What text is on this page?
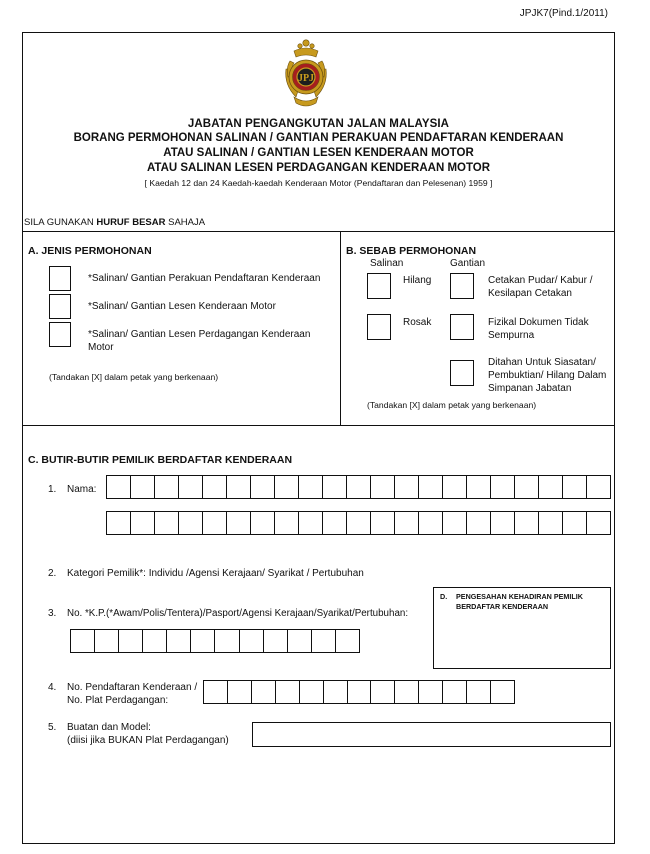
JPJK7(Pind.1/2011)
JPJ
JABATAN PENGANGKUTAN JALAN MALAYSIA
BORANG PERMOHONAN SALINAN / GANTIAN PERAKUAN PENDAFTARAN KENDERAAN
ATAU SALINAN / GANTIAN LESEN KENDERAAN MOTOR
ATAU SALINAN LESEN PERDAGANGAN KENDERAAN MOTOR
[ Kaedah 12 dan 24 Kaedah-kaedah Kenderaan Motor (Pendaftaran dan Pelesenan) 1959 ]
SILA GUNAKAN HURUF BESAR SAHAJA
A. JENIS PERMOHONAN
*Salinan/ Gantian Perakuan Pendaftaran Kenderaan
*Salinan/ Gantian Lesen Kenderaan Motor
*Salinan/ Gantian Lesen Perdagangan Kenderaan Motor
(Tandakan [X] dalam petak yang berkenaan)
B. SEBAB PERMOHONAN
Salinan	Gantian
Hilang	Cetakan Pudar/ Kabur / Kesilapan Cetakan
Rosak	Fizikal Dokumen Tidak Sempurna
Ditahan Untuk Siasatan/ Pembuktian/ Hilang Dalam Simpanan Jabatan
(Tandakan [X] dalam petak yang berkenaan)
C. BUTIR-BUTIR PEMILIK BERDAFTAR KENDERAAN
1. Nama:
2. Kategori Pemilik*: Individu /Agensi Kerajaan/ Syarikat / Pertubuhan
3. No. *K.P.(*Awam/Polis/Tentera)/Pasport/Agensi Kerajaan/Syarikat/Pertubuhan:
D. PENGESAHAN KEHADIRAN PEMILIK BERDAFTAR KENDERAAN
4. No. Pendaftaran Kenderaan /
No. Plat Perdagangan:
5. Buatan dan Model:
(diisi jika BUKAN Plat Perdagangan)
